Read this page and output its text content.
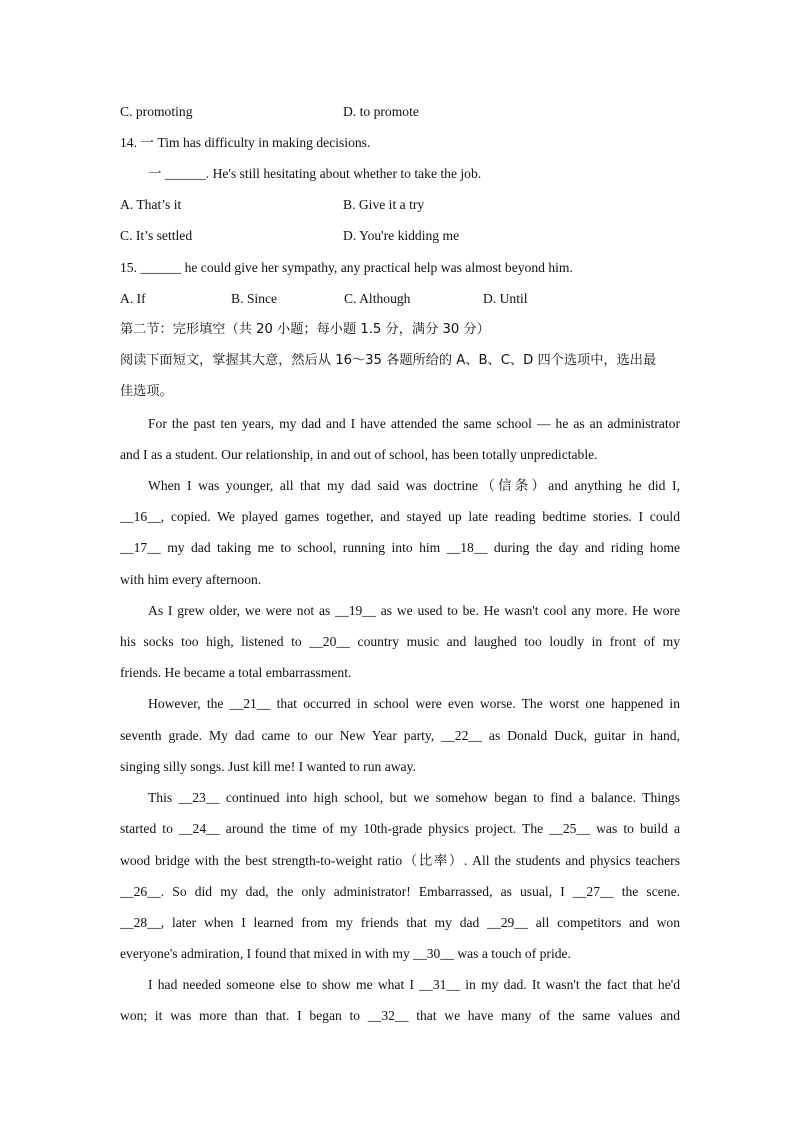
C. promoting	D. to promote
14. 一 Tim has difficulty in making decisions.
一 ______. He's still hesitating about whether to take the job.
A. That’s it	B. Give it a try
C. It’s settled	D. You're kidding me
15. ______ he could give her sympathy, any practical help was almost beyond him.
A. If	B. Since	C. Although	D. Until
第二节：完形填空（共 20 小题；每小题 1.5 分，满分 30 分）
阅读下面短文，掌握其大意，然后从 16～35 各题所给的 A、B、C、D 四个选项中，选出最
佳选项。
For the past ten years, my dad and I have attended the same school — he as an administrator
and I as a student. Our relationship, in and out of school, has been totally unpredictable.
When I was younger, all that my dad said was doctrine（信条）and anything he did I,
__16__, copied. We played games together, and stayed up late reading bedtime stories. I could
__17__ my dad taking me to school, running into him __18__ during the day and riding home
with him every afternoon.
As I grew older, we were not as __19__ as we used to be. He wasn't cool any more. He wore
his socks too high, listened to __20__ country music and laughed too loudly in front of my
friends. He became a total embarrassment.
However, the __21__ that occurred in school were even worse. The worst one happened in
seventh grade. My dad came to our New Year party, __22__ as Donald Duck, guitar in hand,
singing silly songs. Just kill me! I wanted to run away.
This __23__ continued into high school, but we somehow began to find a balance. Things
started to __24__ around the time of my 10th-grade physics project. The __25__ was to build a
wood bridge with the best strength-to-weight ratio（比率）. All the students and physics teachers
__26__. So did my dad, the only administrator! Embarrassed, as usual, I __27__ the scene.
__28__, later when I learned from my friends that my dad __29__ all competitors and won
everyone's admiration, I found that mixed in with my __30__ was a touch of pride.
I had needed someone else to show me what I __31__ in my dad. It wasn't the fact that he'd
won; it was more than that. I began to __32__ that we have many of the same values and
